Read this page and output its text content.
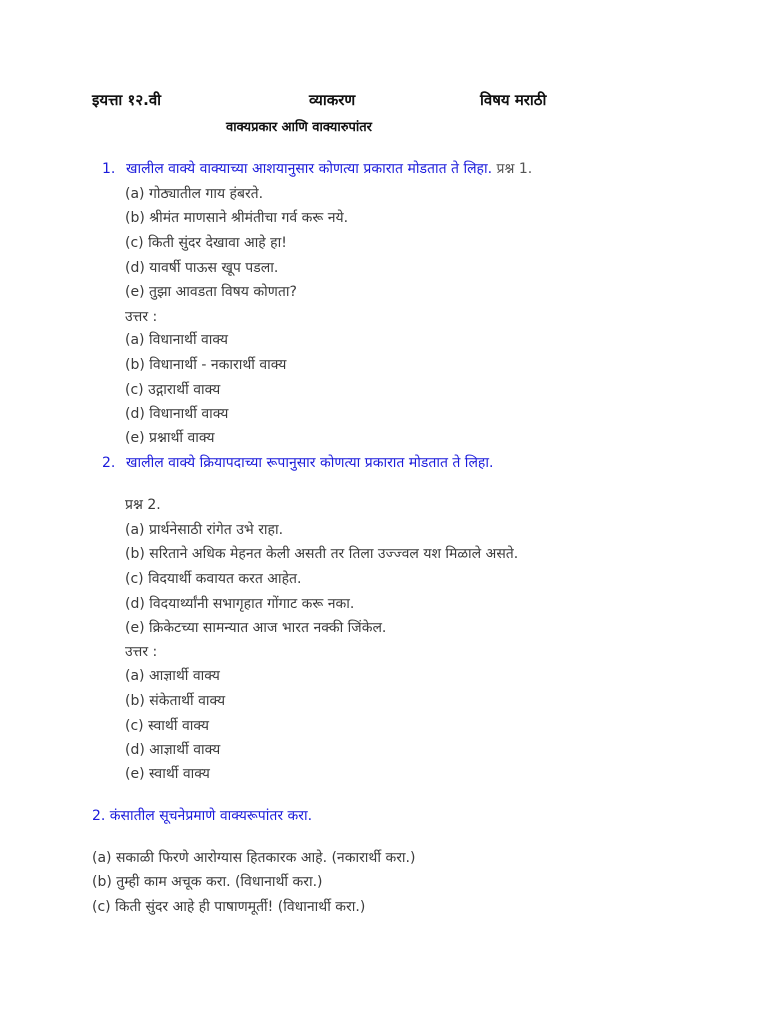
इयत्ता १२.वी	व्याकरण	विषय मराठी
वाक्यप्रकार आणि वाक्यारुपांतर
1. खालील वाक्ये वाक्याच्या आशयानुसार कोणत्या प्रकारात मोडतात ते लिहा. प्रश्न 1.
(a) गोठ्यातील गाय हंबरते.
(b) श्रीमंत माणसाने श्रीमंतीचा गर्व करू नये.
(c) किती सुंदर देखावा आहे हा!
(d) यावर्षी पाऊस खूप पडला.
(e) तुझा आवडता विषय कोणता?
उत्तर :
(a) विधानार्थी वाक्य
(b) विधानार्थी - नकारार्थी वाक्य
(c) उद्गारार्थी वाक्य
(d) विधानार्थी वाक्य
(e) प्रश्नार्थी वाक्य
2. खालील वाक्ये क्रियापदाच्या रूपानुसार कोणत्या प्रकारात मोडतात ते लिहा.
प्रश्न 2.
(a) प्रार्थनेसाठी रांगेत उभे राहा.
(b) सरिताने अधिक मेहनत केली असती तर तिला उज्ज्वल यश मिळाले असते.
(c) विदयार्थी कवायत करत आहेत.
(d) विदयार्थ्यांनी सभागृहात गोंगाट करू नका.
(e) क्रिकेटच्या सामन्यात आज भारत नक्की जिंकेल.
उत्तर :
(a) आज्ञार्थी वाक्य
(b) संकेतार्थी वाक्य
(c) स्वार्थी वाक्य
(d) आज्ञार्थी वाक्य
(e) स्वार्थी वाक्य
2. कंसातील सूचनेप्रमाणे वाक्यरूपांतर करा.
(a) सकाळी फिरणे आरोग्यास हितकारक आहे. (नकारार्थी करा.)
(b) तुम्ही काम अचूक करा. (विधानार्थी करा.)
(c) किती सुंदर आहे ही पाषाणमूर्ती! (विधानार्थी करा.)
